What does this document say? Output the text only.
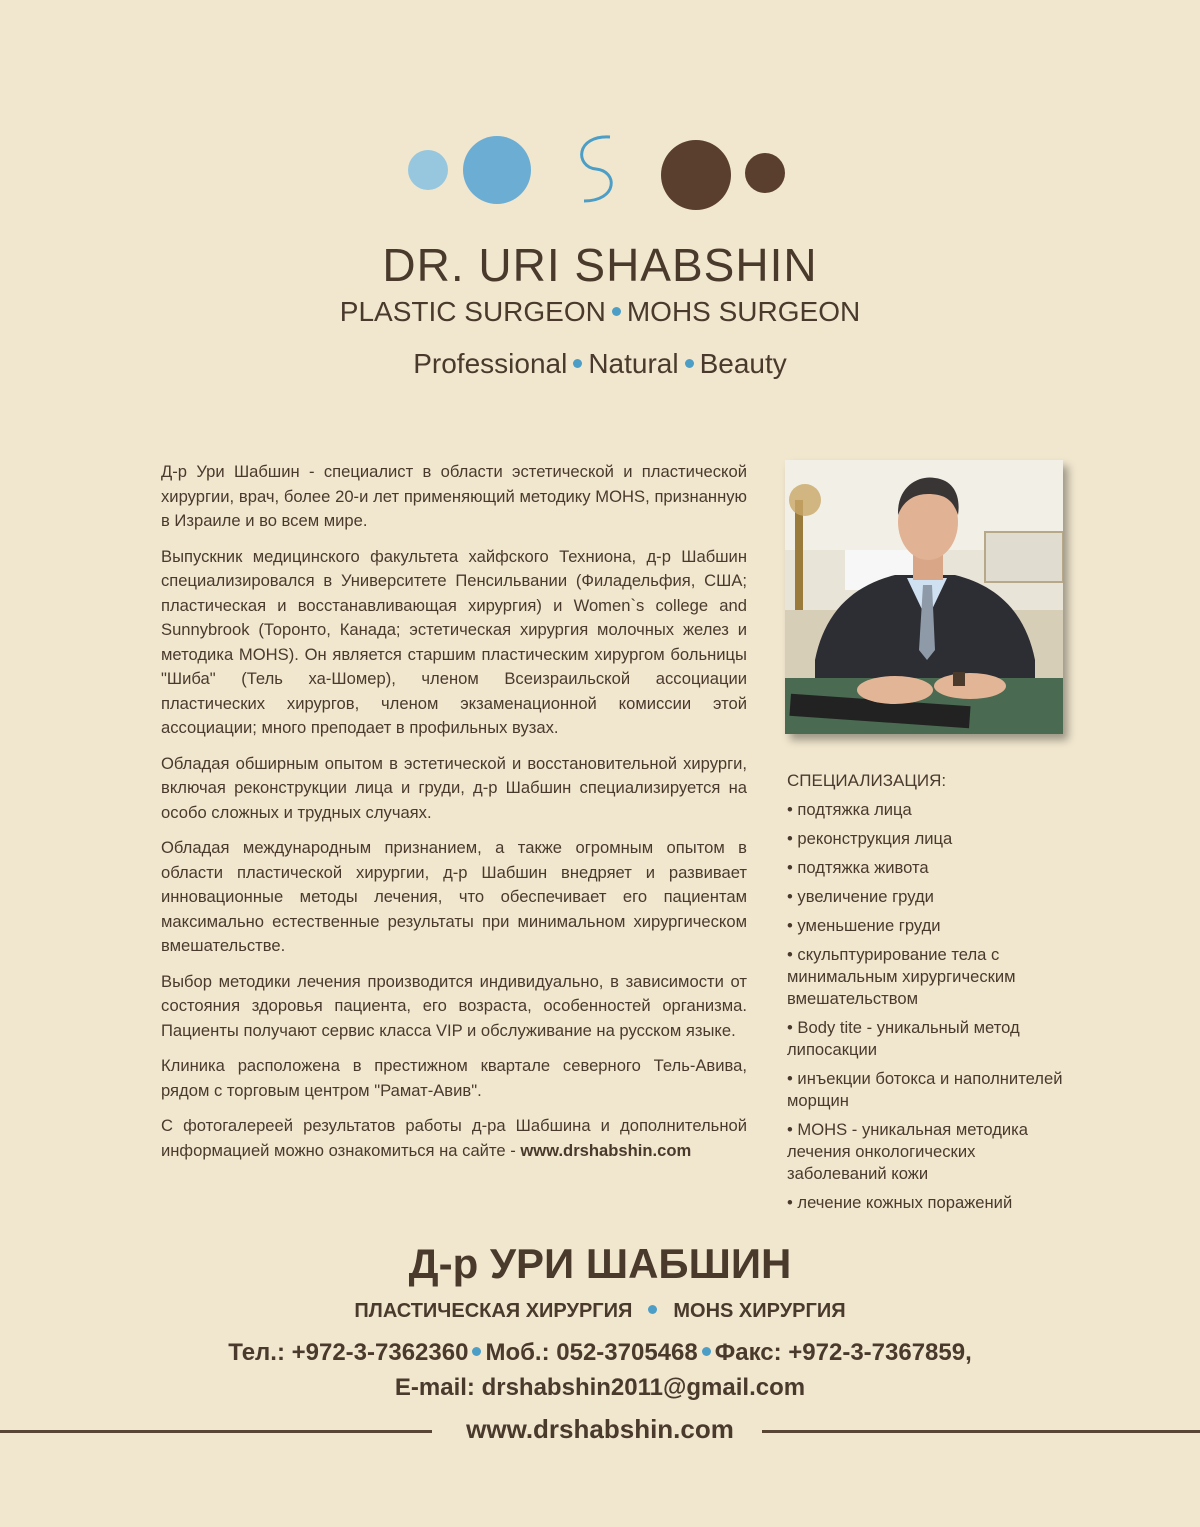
DR. URI SHABSHIN
PLASTIC SURGEON MOHS SURGEON
Professional Natural Beauty

Д-р Ури Шабшин - специалист в области эстетической и пластической хирургии, врач, более 20-и лет применяющий методику MOHS, признанную в Израиле и во всем мире.

Выпускник медицинского факультета хайфского Техниона, д-р Шабшин специализировался в Университете Пенсильвании (Филадельфия, США; пластическая и восстанавливающая хирургия) и Women`s college and Sunnybrook (Торонто, Канада; эстетическая хирургия молочных желез и методика MOHS). Он является старшим пластическим хирургом больницы "Шиба" (Тель ха-Шомер), членом Всеизраильской ассоциации пластических хирургов, членом экзаменационной комиссии этой ассоциации; много преподает в профильных вузах.

Обладая обширным опытом в эстетической и восстановительной хирурги, включая реконструкции лица и груди, д-р Шабшин специализируется на особо сложных и трудных случаях.

Обладая международным признанием, а также огромным опытом в области пластической хирургии, д-р Шабшин внедряет и развивает инновационные методы лечения, что обеспечивает его пациентам максимально естественные результаты при минимальном хирургическом вмешательстве.

Выбор методики лечения производится индивидуально, в зависимости от состояния здоровья пациента, его возраста, особенностей организма. Пациенты получают сервис класса VIP и обслуживание на русском языке.

Клиника расположена в престижном квартале северного Тель-Авива, рядом с торговым центром "Рамат-Авив".

С фотогалереей результатов работы д-ра Шабшина и дополнительной информацией можно ознакомиться на сайте - www.drshabshin.com

СПЕЦИАЛИЗАЦИЯ:
• подтяжка лица
• реконструкция лица
• подтяжка живота
• увеличение груди
• уменьшение груди
• скульптурирование тела с минимальным хирургическим вмешательством
• Body tite - уникальный метод липосакции
• инъекции ботокса и наполнителей морщин
• MOHS - уникальная методика лечения онкологических заболеваний кожи
• лечение кожных поражений
Д-р УРИ ШАБШИН
ПЛАСТИЧЕСКАЯ ХИРУРГИЯ MOHS ХИРУРГИЯ
Тел.: +972-3-7362360 Моб.: 052-3705468 Факс: +972-3-7367859,
E-mail: drshabshin2011@gmail.com
www.drshabshin.com
